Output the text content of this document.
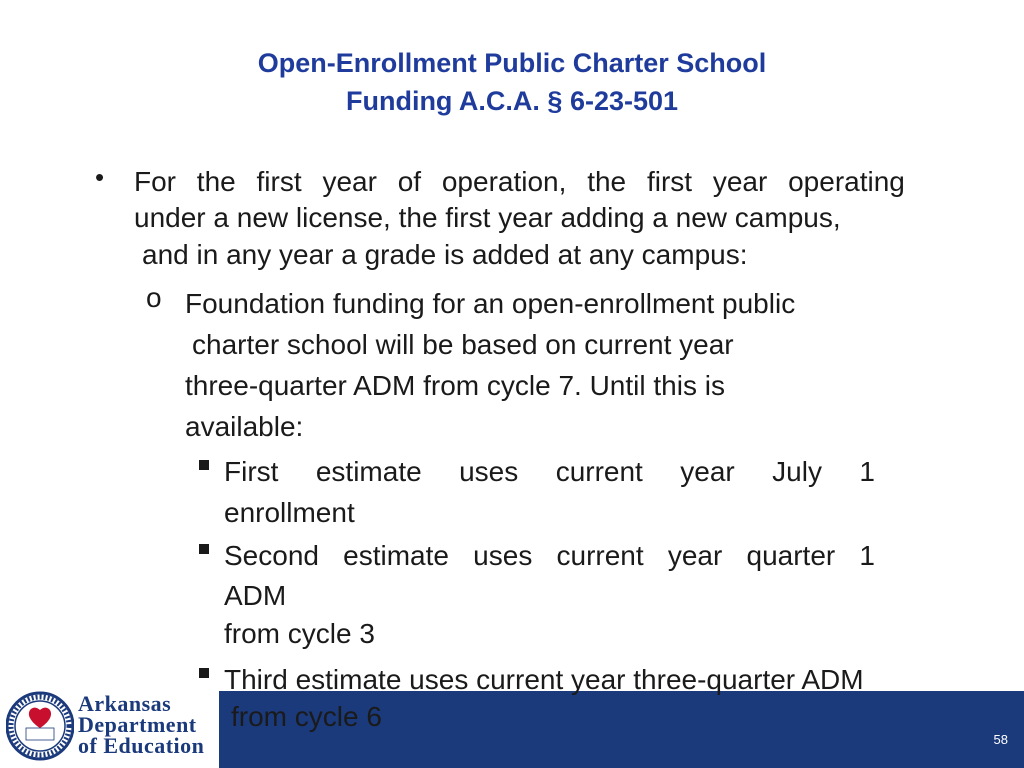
Open-Enrollment Public Charter School
Funding A.C.A. § 6-23-501
• For the first year of operation, the first year operating
under a new license, the first year adding a new campus,
and in any year a grade is added at any campus:
o Foundation funding for an open-enrollment public
charter school will be based on current year
three-quarter ADM from cycle 7. Until this is
available:
First estimate uses current year July 1
enrollment
Second estimate uses current year quarter 1
ADM
from cycle 3
58
Third estimate uses current year three-quarter ADM
from cycle 6
Arkansas
Department
of Education
